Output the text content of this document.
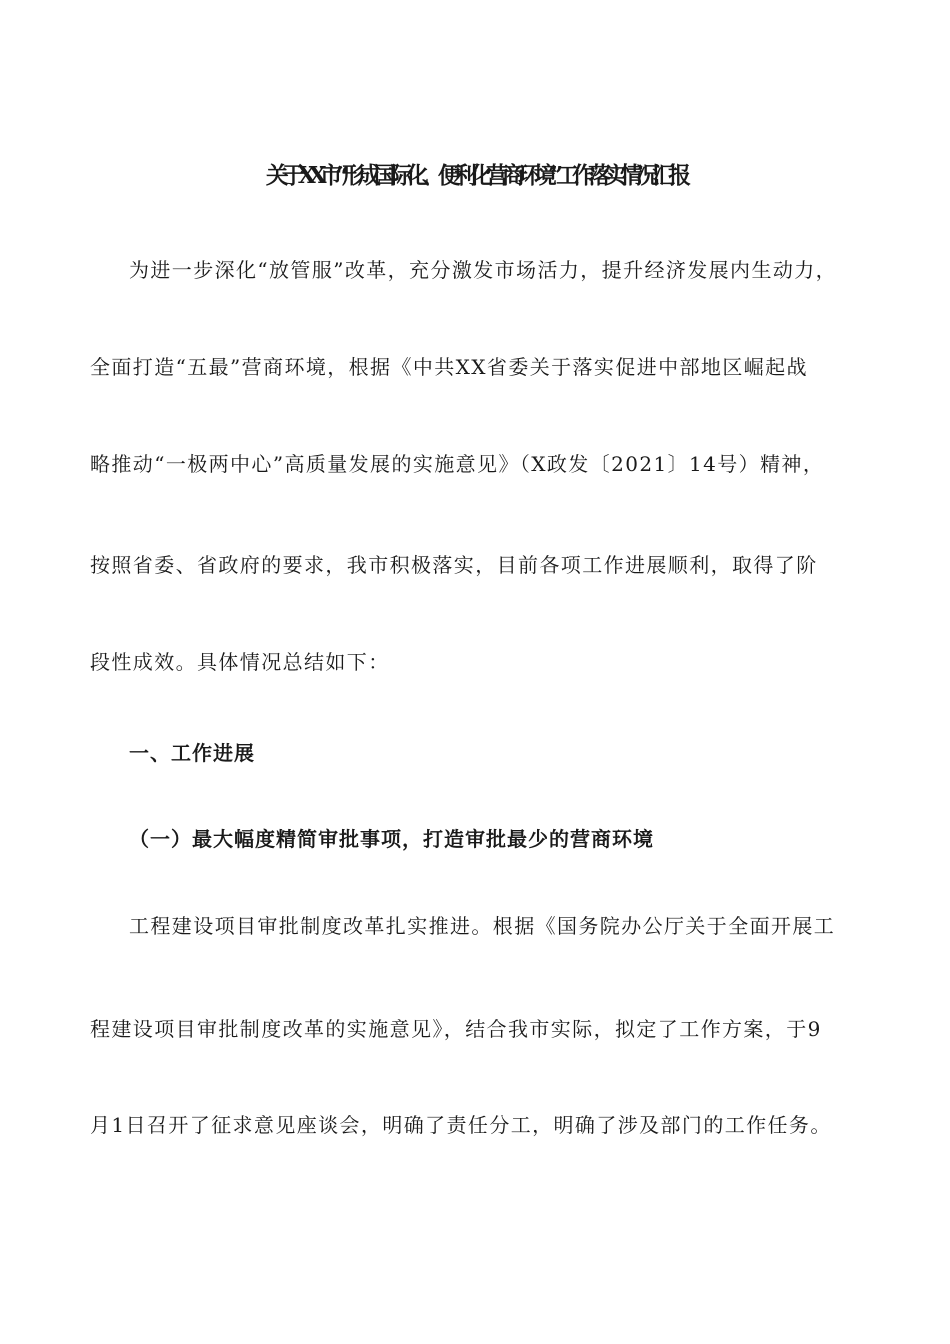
关于XX市“形成国际化、便利化营商环境”工作落实情况汇报
为进一步深化“放管服”改革，充分激发市场活力，提升经济发展内生动力，
全面打造“五最”营商环境，根据《中共XX省委关于落实促进中部地区崛起战
略推动“一极两中心”高质量发展的实施意见》（X政发〔2021〕14号）精神，
按照省委、省政府的要求，我市积极落实，目前各项工作进展顺利，取得了阶
段性成效。具体情况总结如下：
一、工作进展
（一）最大幅度精简审批事项，打造审批最少的营商环境
工程建设项目审批制度改革扎实推进。根据《国务院办公厅关于全面开展工
程建设项目审批制度改革的实施意见》，结合我市实际，拟定了工作方案，于9
月1日召开了征求意见座谈会，明确了责任分工，明确了涉及部门的工作任务。
